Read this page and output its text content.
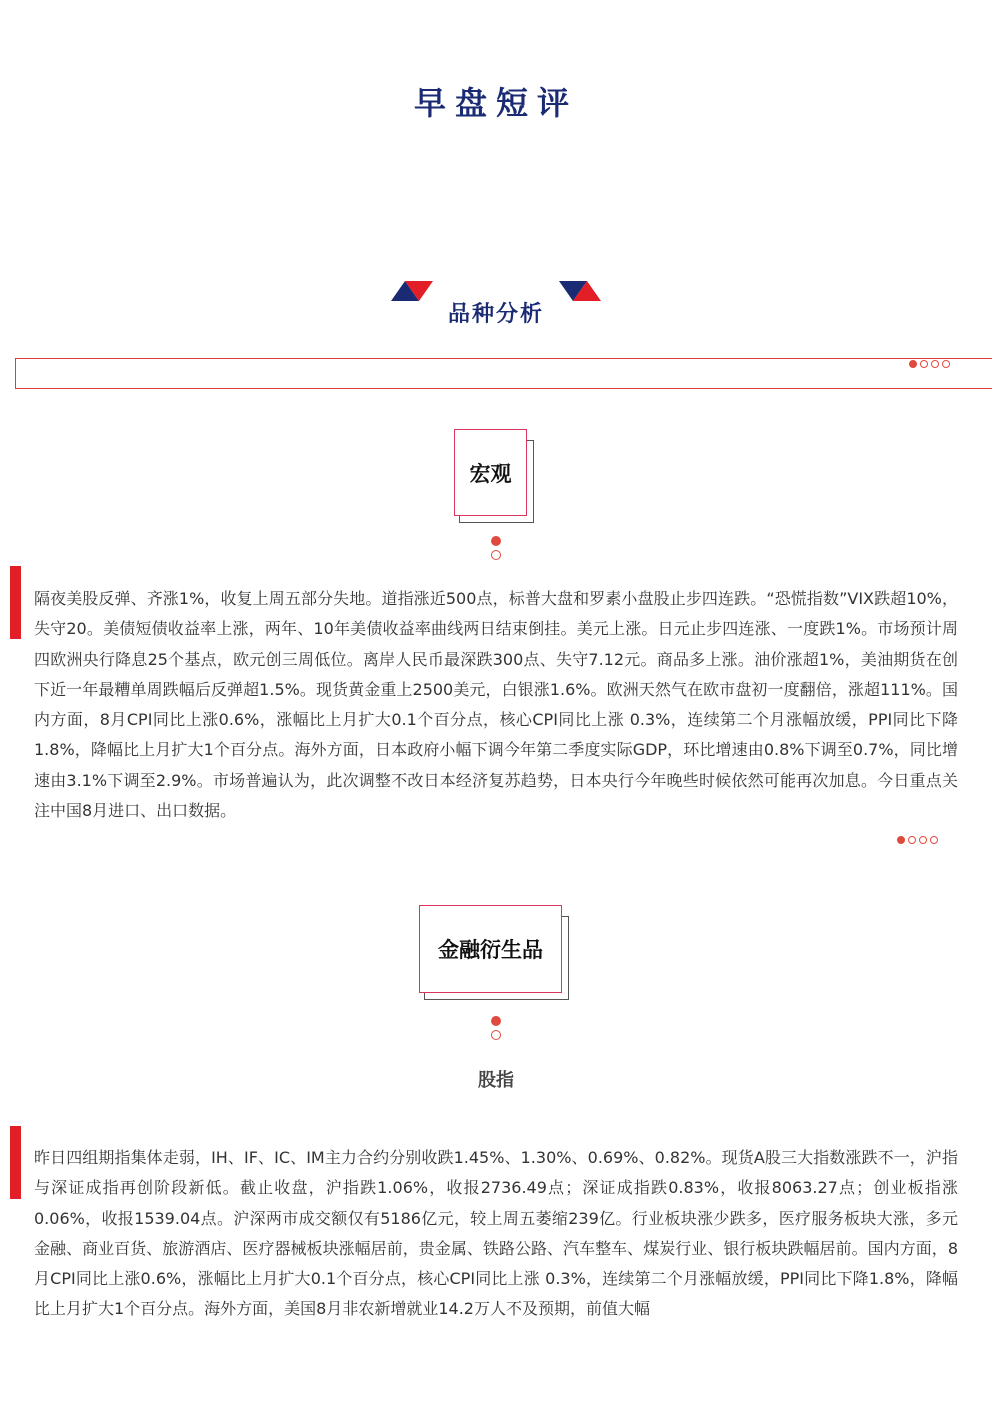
早盘短评
品种分析
宏观

隔夜美股反弹、齐涨1%，收复上周五部分失地。道指涨近500点，标普大盘和罗素小盘股止步四连跌。“恐慌指数”VIX跌超10%，失守20。美债短债收益率上涨，两年、10年美债收益率曲线两日结束倒挂。美元上涨。日元止步四连涨、一度跌1%。市场预计周四欧洲央行降息25个基点，欧元创三周低位。离岸人民币最深跌300点、失守7.12元。商品多上涨。油价涨超1%，美油期货在创下近一年最糟单周跌幅后反弹超1.5%。现货黄金重上2500美元，白银涨1.6%。欧洲天然气在欧市盘初一度翻倍，涨超111%。国内方面，8月CPI同比上涨0.6%，涨幅比上月扩大0.1个百分点，核心CPI同比上涨 0.3%，连续第二个月涨幅放缓，PPI同比下降1.8%，降幅比上月扩大1个百分点。海外方面，日本政府小幅下调今年第二季度实际GDP，环比增速由0.8%下调至0.7%，同比增速由3.1%下调至2.9%。市场普遍认为，此次调整不改日本经济复苏趋势，日本央行今年晚些时候依然可能再次加息。今日重点关注中国8月进口、出口数据。

金融衍生品
股指

昨日四组期指集体走弱，IH、IF、IC、IM主力合约分别收跌1.45%、1.30%、0.69%、0.82%。现货A股三大指数涨跌不一，沪指与深证成指再创阶段新低。截止收盘，沪指跌1.06%，收报2736.49点；深证成指跌0.83%，收报8063.27点；创业板指涨0.06%，收报1539.04点。沪深两市成交额仅有5186亿元，较上周五萎缩239亿。行业板块涨少跌多，医疗服务板块大涨，多元金融、商业百货、旅游酒店、医疗器械板块涨幅居前，贵金属、铁路公路、汽车整车、煤炭行业、银行板块跌幅居前。国内方面，8月CPI同比上涨0.6%，涨幅比上月扩大0.1个百分点，核心CPI同比上涨 0.3%，连续第二个月涨幅放缓，PPI同比下降1.8%，降幅比上月扩大1个百分点。海外方面，美国8月非农新增就业14.2万人不及预期，前值大幅
